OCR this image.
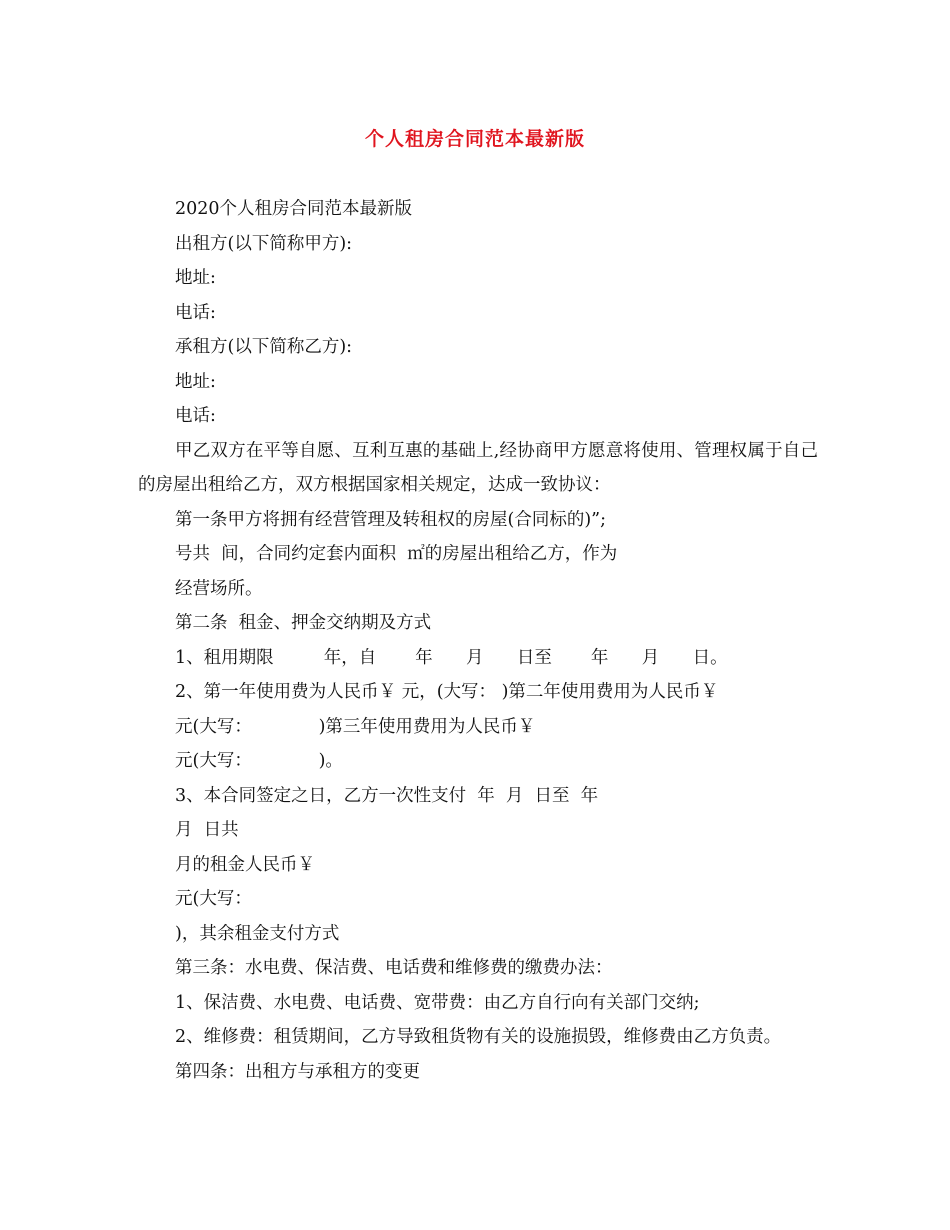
个人租房合同范本最新版

2020个人租房合同范本最新版

出租方(以下简称甲方):

地址:

电话:

承租方(以下简称乙方):

地址:

电话:

甲乙双方在平等自愿、互利互惠的基础上,经协商甲方愿意将使用、管理权属于自己的房屋出租给乙方，双方根据国家相关规定，达成一致协议：

第一条甲方将拥有经营管理及转租权的房屋(合同标的)”;

号共  间，合同约定套内面积  ㎡的房屋出租给乙方，作为

经营场所。

第二条  租金、押金交纳期及方式

1、租用期限         年，自       年      月      日至       年      月      日。

2、第一年使用费为人民币￥ 元，(大写： )第二年使用费用为人民币￥

元(大写：            )第三年使用费用为人民币￥

元(大写：            )。

3、本合同签定之日，乙方一次性支付  年  月  日至  年

月  日共

月的租金人民币￥

元(大写：

)，其余租金支付方式

第三条：水电费、保洁费、电话费和维修费的缴费办法：

1、保洁费、水电费、电话费、宽带费：由乙方自行向有关部门交纳;

2、维修费：租赁期间，乙方导致租货物有关的设施损毁，维修费由乙方负责。

第四条：出租方与承租方的变更
